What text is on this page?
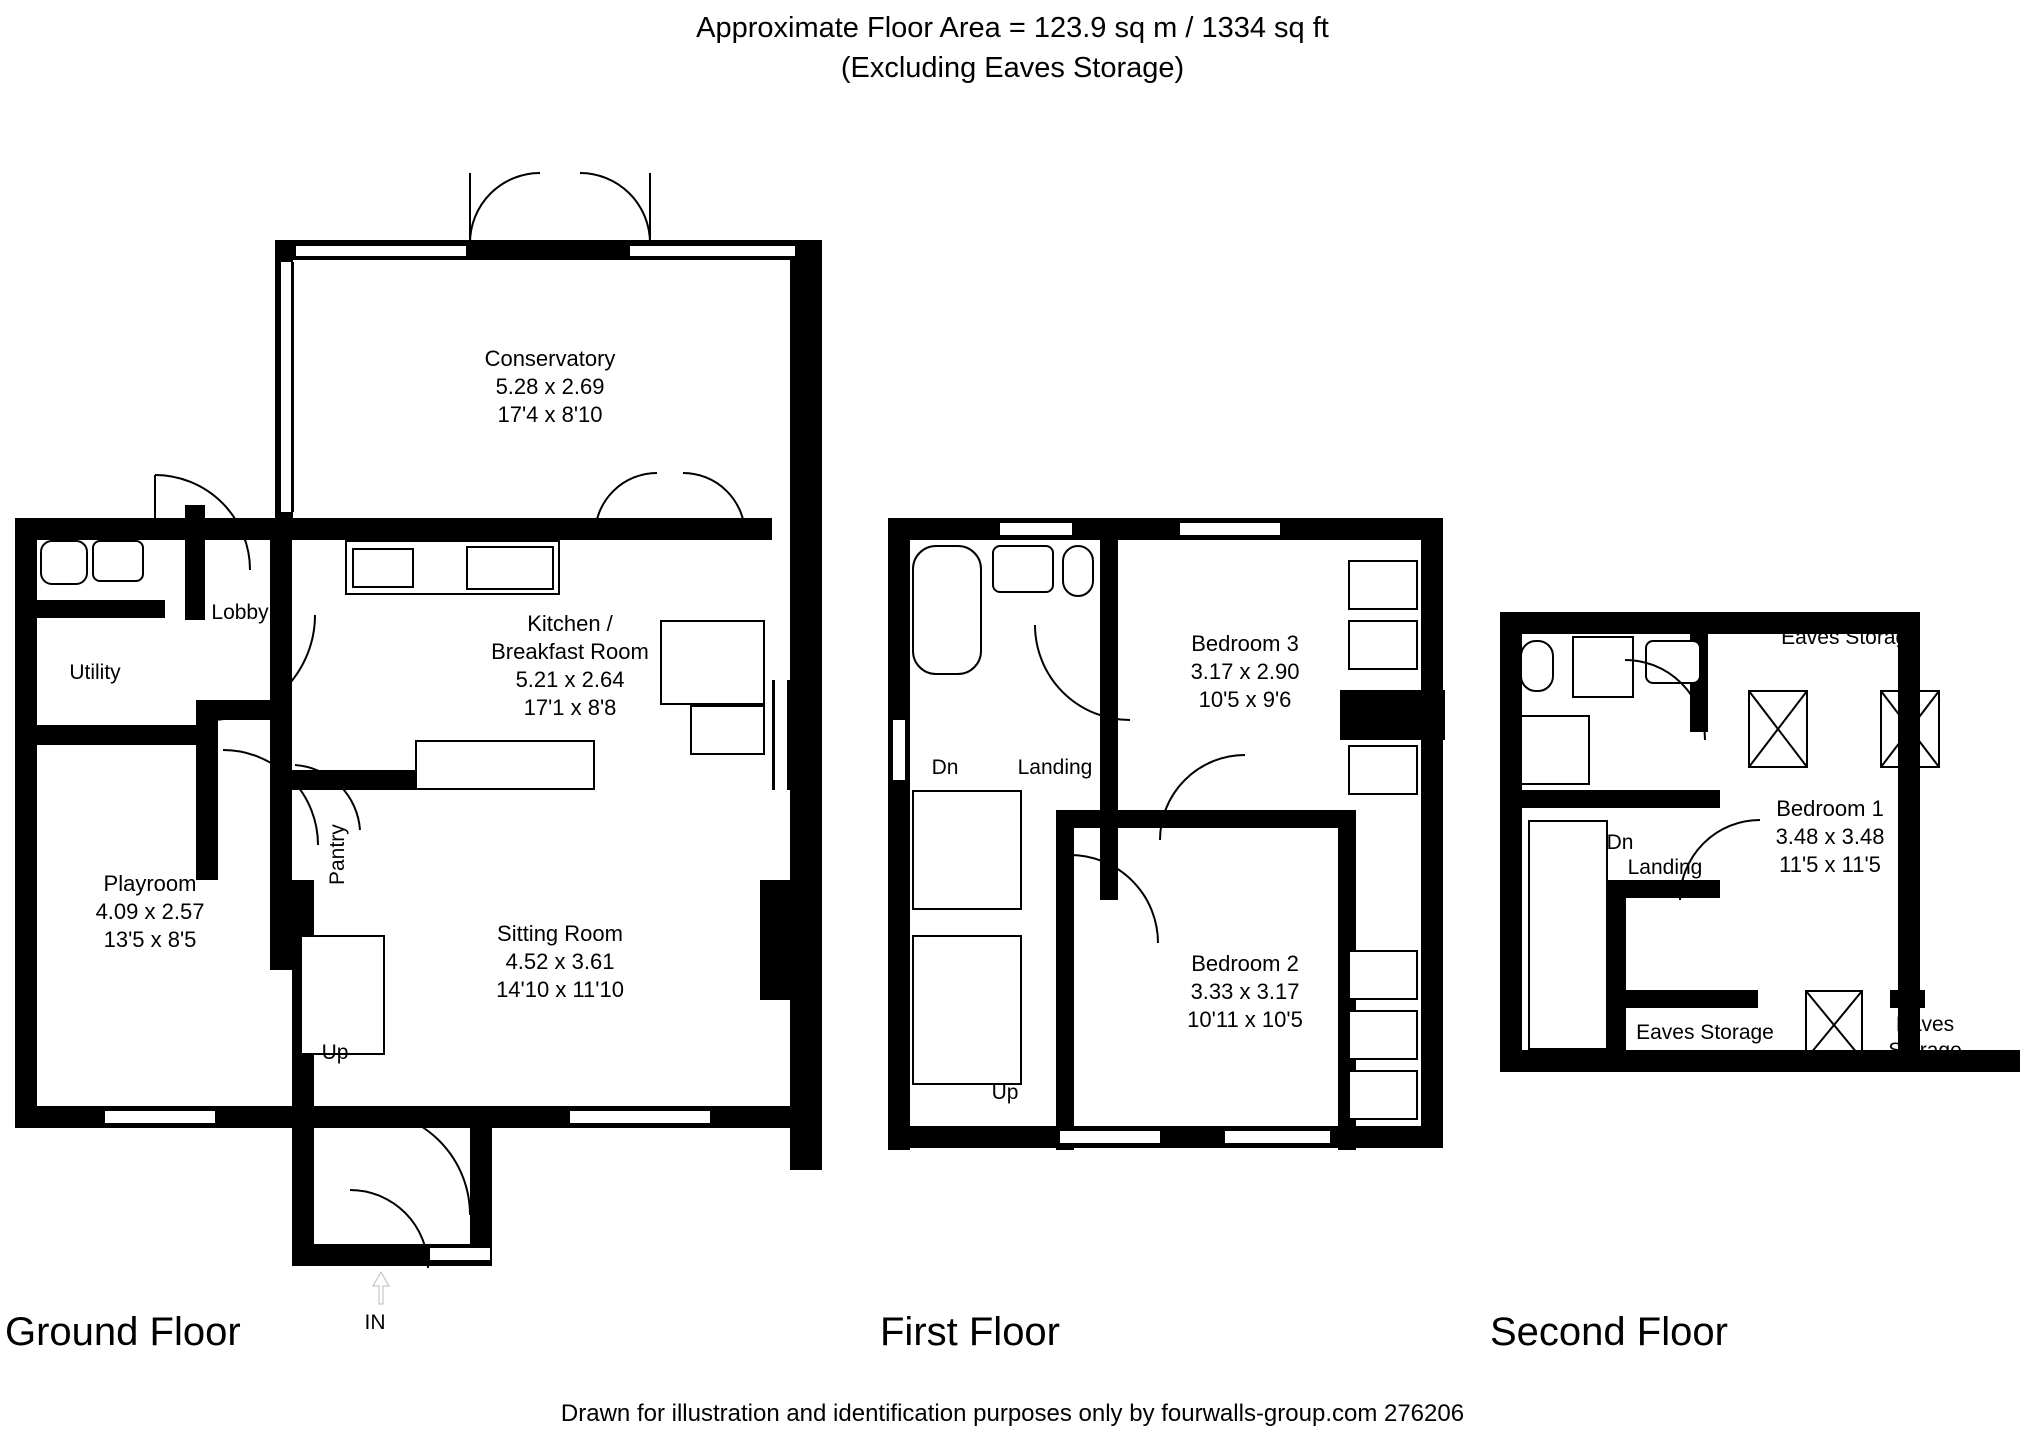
Approximate Floor Area = 123.9 sq m / 1334 sq ft
(Excluding Eaves Storage)
Conservatory
5.28 x 2.69
17'4 x 8'10
Lobby
Utility
Pantry
Kitchen /
Breakfast Room
5.21 x 2.64
17'1 x 8'8
Sitting Room
4.52 x 3.61
14'10 x 11'10
Playroom
4.09 x 2.57
13'5 x 8'5
Up
IN
Ground Floor
Bedroom 3
3.17 x 2.90
10'5 x 9'6
Bedroom 2
3.33 x 3.17
10'11 x 10'5
Landing
Dn
Up
First Floor
Eaves Storage
Eaves Storage	Eaves
Storage
Bedroom 1
3.48 x 3.48
11'5 x 11'5
Dn
Landing
Second Floor
Drawn for illustration and identification purposes only by fourwalls-group.com 276206
